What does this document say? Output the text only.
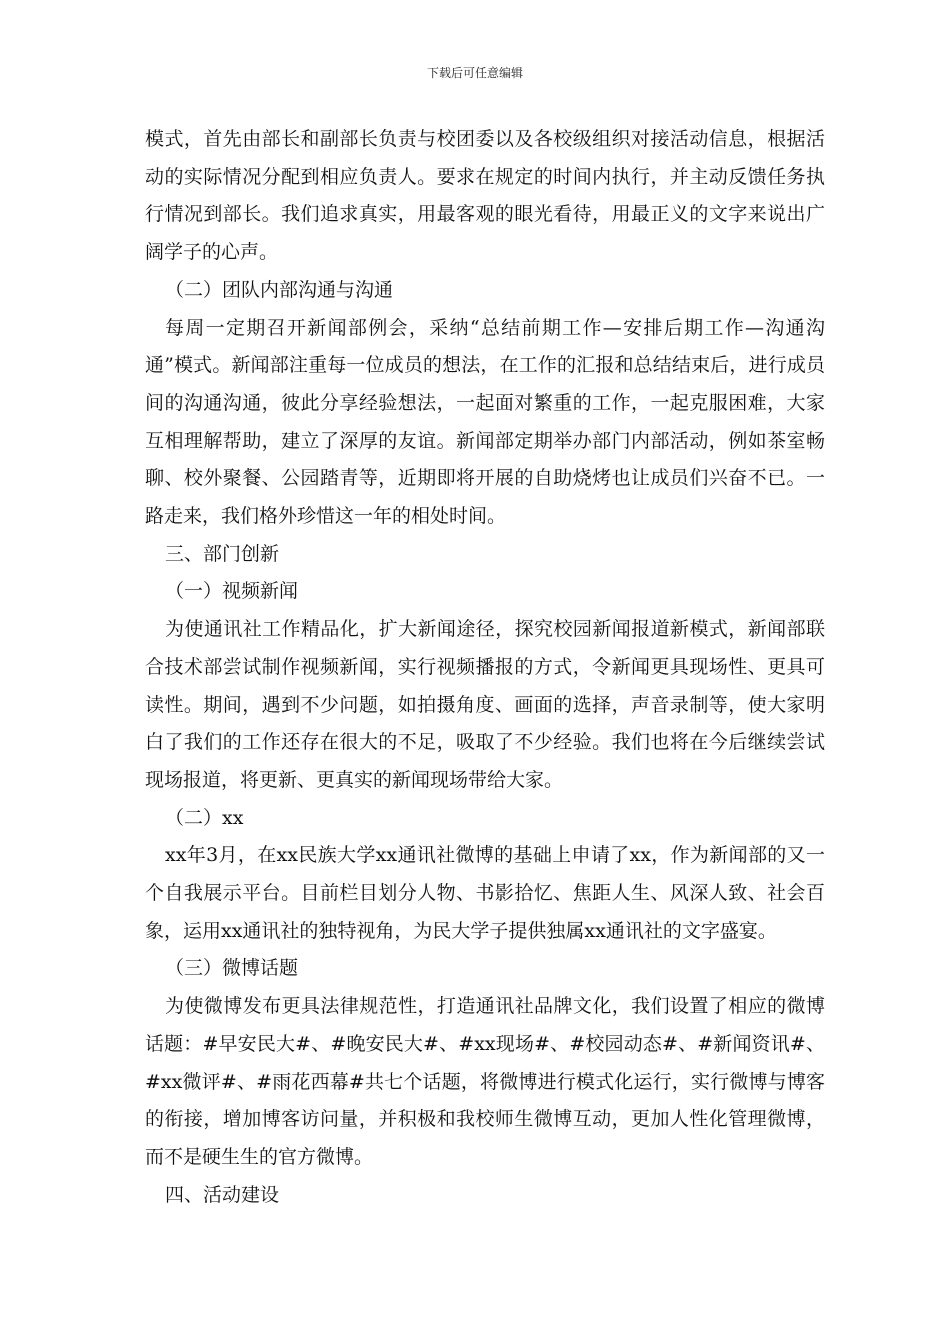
下载后可任意编辑

模式，首先由部长和副部长负责与校团委以及各校级组织对接活动信息，根据活动的实际情况分配到相应负责人。要求在规定的时间内执行，并主动反馈任务执行情况到部长。我们追求真实，用最客观的眼光看待，用最正义的文字来说出广阔学子的心声。

（二）团队内部沟通与沟通

每周一定期召开新闻部例会，采纳“总结前期工作—安排后期工作—沟通沟通”模式。新闻部注重每一位成员的想法，在工作的汇报和总结结束后，进行成员间的沟通沟通，彼此分享经验想法，一起面对繁重的工作，一起克服困难，大家互相理解帮助，建立了深厚的友谊。新闻部定期举办部门内部活动，例如茶室畅聊、校外聚餐、公园踏青等，近期即将开展的自助烧烤也让成员们兴奋不已。一路走来，我们格外珍惜这一年的相处时间。

三、部门创新

（一）视频新闻

为使通讯社工作精品化，扩大新闻途径，探究校园新闻报道新模式，新闻部联合技术部尝试制作视频新闻，实行视频播报的方式，令新闻更具现场性、更具可读性。期间，遇到不少问题，如拍摄角度、画面的选择，声音录制等，使大家明白了我们的工作还存在很大的不足，吸取了不少经验。我们也将在今后继续尝试现场报道，将更新、更真实的新闻现场带给大家。

（二）xx

xx年3月，在xx民族大学xx通讯社微博的基础上申请了xx，作为新闻部的又一个自我展示平台。目前栏目划分人物、书影拾忆、焦距人生、风深人致、社会百象，运用xx通讯社的独特视角，为民大学子提供独属xx通讯社的文字盛宴。

（三）微博话题

为使微博发布更具法律规范性，打造通讯社品牌文化，我们设置了相应的微博话题：#早安民大#、#晚安民大#、#xx现场#、#校园动态#、#新闻资讯#、#xx微评#、#雨花西幕#共七个话题，将微博进行模式化运行，实行微博与博客的衔接，增加博客访问量，并积极和我校师生微博互动，更加人性化管理微博，而不是硬生生的官方微博。

四、活动建设
